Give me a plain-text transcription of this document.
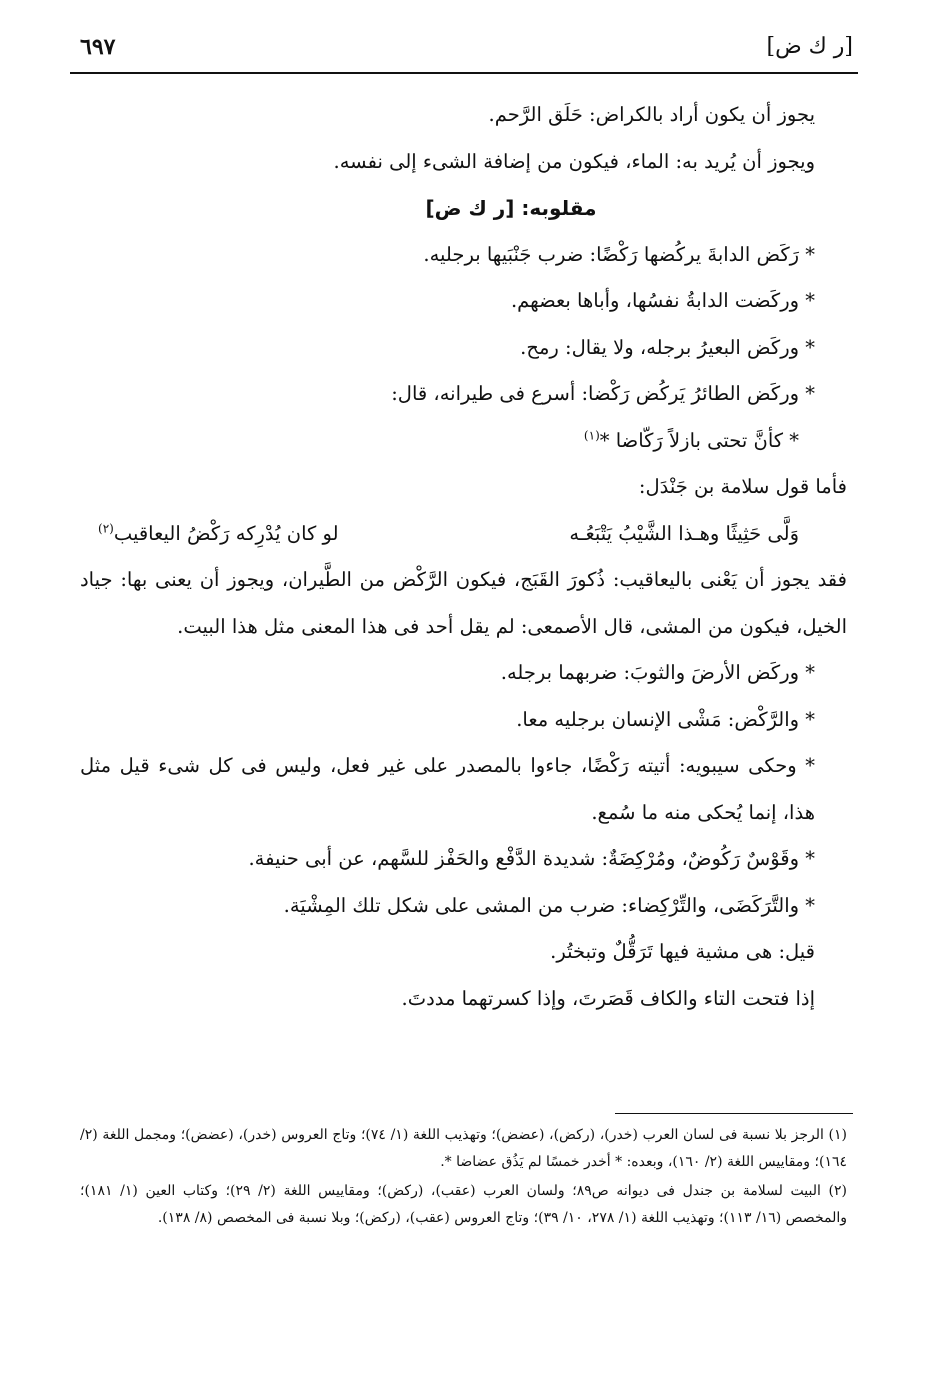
[ر ك ض]
٦٩٧

يجوز أن يكون أراد بالكراض: حَلَق الرَّحم.

ويجوز أن يُريد به: الماء، فيكون من إضافة الشىء إلى نفسه.

مقلوبه: [ر ك ض]

* رَكَض الدابةَ يركُضها رَكْضًا: ضرب جَنْبَيها برجليه.

* وركَضت الدابةُ نفسُها، وأباها بعضهم.

* وركَض البعيرُ برجله، ولا يقال: رمح.

* وركَض الطائرُ يَركُض رَكْضا: أسرع فى طيرانه، قال:

* كأنَّ تحتى بازلاً رَكّاضا *$^{(١)}$

فأما قول سلامة بن جَنْدَل:

وَلَّى حَثِيثًا وهـذا الشَّيْبُ يَتْبَعُـه
لو كان يُدْرِكه رَكْضُ اليعاقيب$^{(٢)}$

فقد يجوز أن يَعْنى باليعاقيب: ذُكورَ القَبَج، فيكون الرَّكْض من الطَّيران، ويجوز أن يعنى بها: جياد الخيل، فيكون من المشى، قال الأصمعى: لم يقل أحد فى هذا المعنى مثل هذا البيت.

* وركَض الأرضَ والثوبَ: ضربهما برجله.

* والرَّكْض: مَشْى الإنسان برجليه معا.

* وحكى سيبويه: أتيته رَكْضًا، جاءوا بالمصدر على غير فعل، وليس فى كل شىء قيل مثل هذا، إنما يُحكى منه ما سُمع.

* وقَوْسٌ رَكُوضٌ، ومُرْكِضَةٌ: شديدة الدَّفْع والحَفْز للسَّهم، عن أبى حنيفة.

* والتَّرَكَضَى، والتِّرْكِضاء: ضرب من المشى على شكل تلك المِشْيَة.

قيل: هى مشية فيها تَرَقُّلٌ وتبختُر.

إذا فتحت التاء والكاف قَصَرتَ، وإذا كسرتهما مددتَ.

(١) الرجز بلا نسبة فى لسان العرب (خدر)، (ركض)، (عضض)؛ وتهذيب اللغة (١/ ٧٤)؛ وتاج العروس (خدر)، (عضض)؛ ومجمل اللغة (٢/ ١٦٤)؛ ومقاييس اللغة (٢/ ١٦٠)، وبعده: * أخدر خمسًا لم يَذُق عضاضا *.

(٢) البيت لسلامة بن جندل فى ديوانه ص٨٩؛ ولسان العرب (عقب)، (ركض)؛ ومقاييس اللغة (٢/ ٢٩)؛ وكتاب العين (١/ ١٨١)؛ والمخصص (١٦/ ١١٣)؛ وتهذيب اللغة (١/ ٢٧٨، ١٠/ ٣٩)؛ وتاج العروس (عقب)، (ركض)؛ وبلا نسبة فى المخصص (٨/ ١٣٨).
